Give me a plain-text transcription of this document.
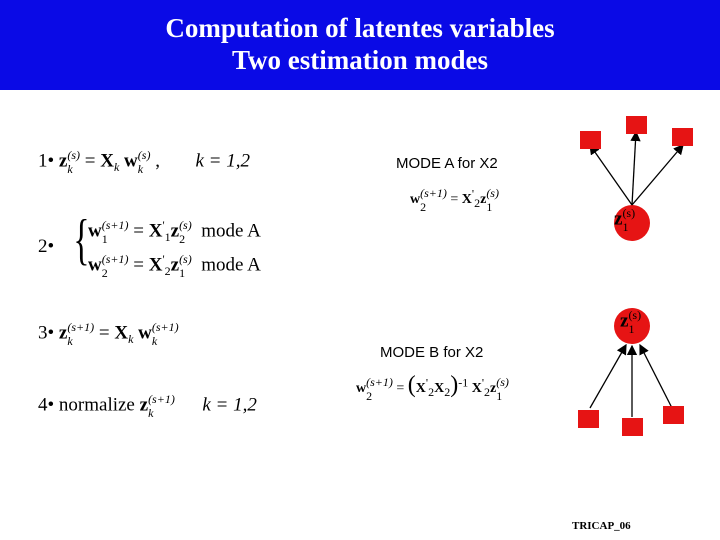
Computation of latentes variables
Two estimation modes
1• z (s)
$k = X_k$ w (s)
k , k = 1,2
2• {
w (s+1)
1	= $X'_1z$ (s)
2 mode A
w (s+1)
2	= $X'_2z$ (s)
1 mode A
3• z (s+1)
k	= $X_k$ w (s+1)
k
4• normalize z (s+1)
k	k = 1,2
MODE A for X2
w (s+1)
2	= $X'_2z$ (s)
1
MODE B for X2
w (s+1)
2	= $(X'_2X_2)^{-1}$ $X'_2z$ (s)
1
z (s)
1
z (s)
1
TRICAP_06
